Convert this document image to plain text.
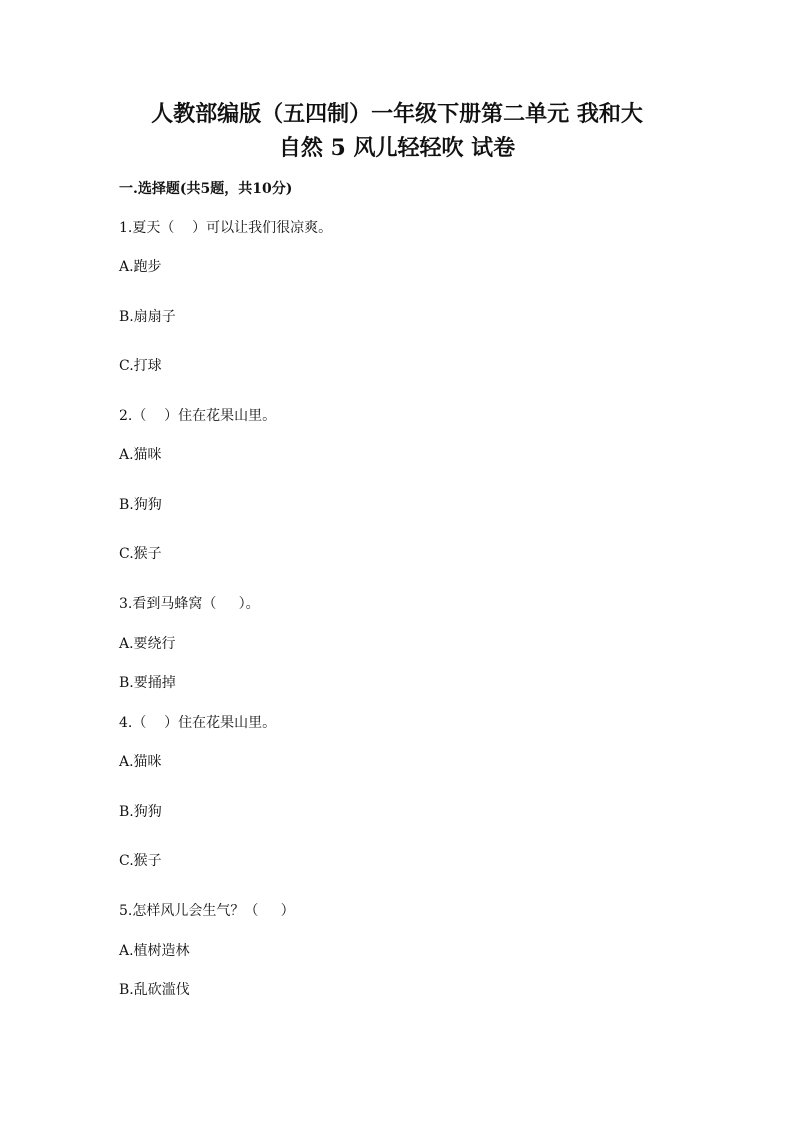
人教部编版（五四制）一年级下册第二单元 我和大
自然 5 风儿轻轻吹 试卷
一.选择题(共5题，共10分)
1.夏天（    ）可以让我们很凉爽。
A.跑步
B.扇扇子
C.打球
2.（    ）住在花果山里。
A.猫咪
B.狗狗
C.猴子
3.看到马蜂窝（     ）。
A.要绕行
B.要捅掉
4.（    ）住在花果山里。
A.猫咪
B.狗狗
C.猴子
5.怎样风儿会生气？（     ）
A.植树造林
B.乱砍滥伐
